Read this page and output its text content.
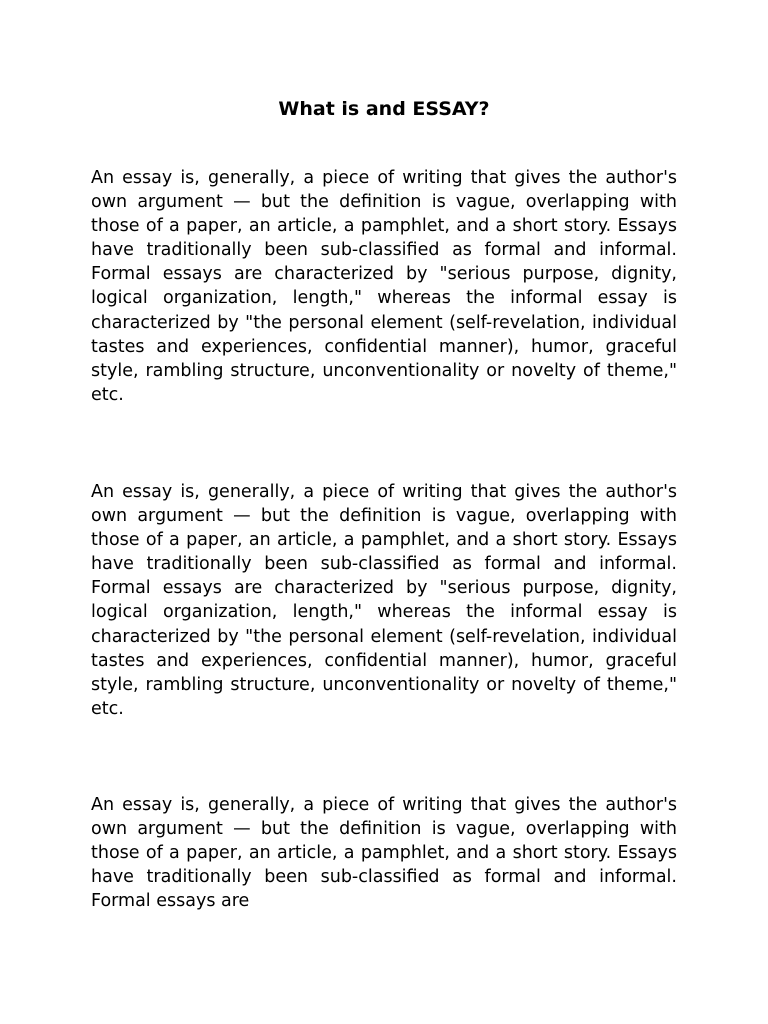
What is and ESSAY?

An essay is, generally, a piece of writing that gives the author's own argument — but the definition is vague, overlapping with those of a paper, an article, a pamphlet, and a short story. Essays have traditionally been sub-classified as formal and informal. Formal essays are characterized by "serious purpose, dignity, logical organization, length," whereas the informal essay is characterized by "the personal element (self-revelation, individual tastes and experiences, confidential manner), humor, graceful style, rambling structure, unconventionality or novelty of theme," etc.

An essay is, generally, a piece of writing that gives the author's own argument — but the definition is vague, overlapping with those of a paper, an article, a pamphlet, and a short story. Essays have traditionally been sub-classified as formal and informal. Formal essays are characterized by "serious purpose, dignity, logical organization, length," whereas the informal essay is characterized by "the personal element (self-revelation, individual tastes and experiences, confidential manner), humor, graceful style, rambling structure, unconventionality or novelty of theme," etc.

An essay is, generally, a piece of writing that gives the author's own argument — but the definition is vague, overlapping with those of a paper, an article, a pamphlet, and a short story. Essays have traditionally been sub-classified as formal and informal. Formal essays are
